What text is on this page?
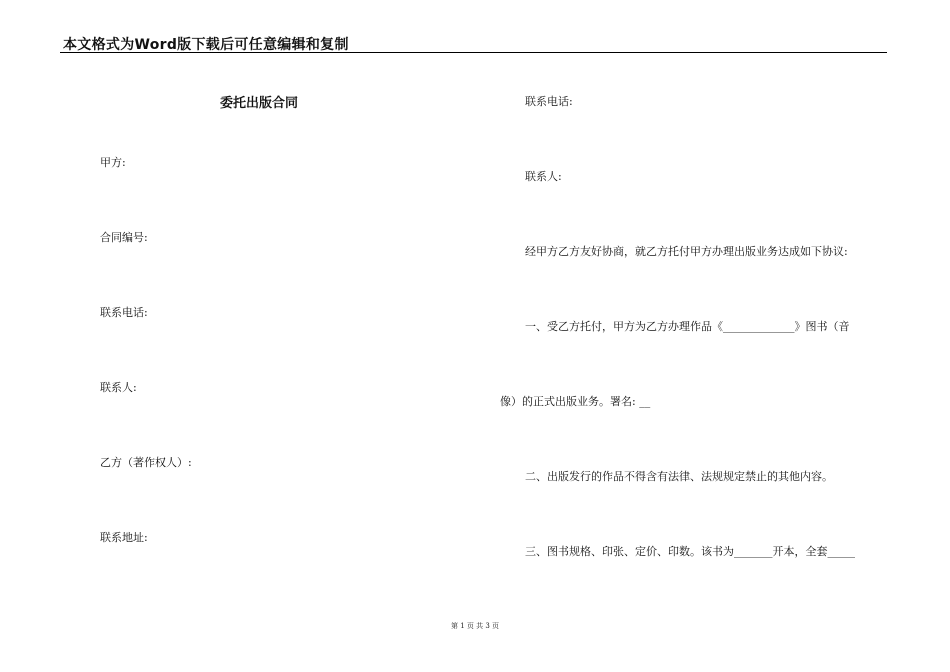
本文格式为Word版下载后可任意编辑和复制
委托出版合同
甲方:
合同编号:
联系电话:
联系人:
乙方（著作权人）:
联系地址:
联系电话:
联系人:
经甲方乙方友好协商，就乙方托付甲方办理出版业务达成如下协议:
一、受乙方托付，甲方为乙方办理作品《_____________》图书（音
像）的正式出版业务。署名: __
二、出版发行的作品不得含有法律、法规规定禁止的其他内容。
三、图书规格、印张、定价、印数。该书为_______开本，全套_____
第 1 页 共 3 页
